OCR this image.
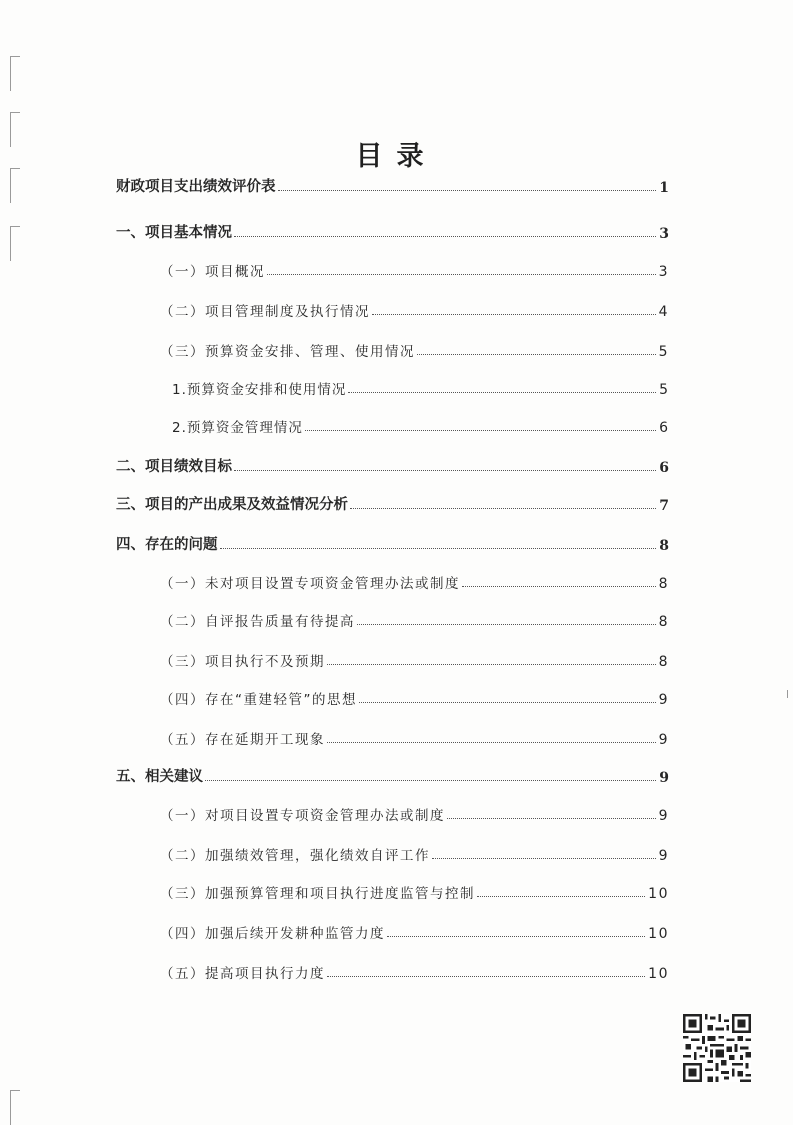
目录
财政项目支出绩效评价表	1
一、项目基本情况	3
（一）项目概况	3
（二）项目管理制度及执行情况	4
（三）预算资金安排、管理、使用情况	5
1.预算资金安排和使用情况	5
2.预算资金管理情况	6
二、项目绩效目标	6
三、项目的产出成果及效益情况分析	7
四、存在的问题	8
（一）未对项目设置专项资金管理办法或制度	8
（二）自评报告质量有待提高	8
（三）项目执行不及预期	8
（四）存在“重建轻管”的思想	9
（五）存在延期开工现象	9
五、相关建议	9
（一）对项目设置专项资金管理办法或制度	9
（二）加强绩效管理，强化绩效自评工作	9
（三）加强预算管理和项目执行进度监管与控制	10
（四）加强后续开发耕种监管力度	10
（五）提高项目执行力度	10
